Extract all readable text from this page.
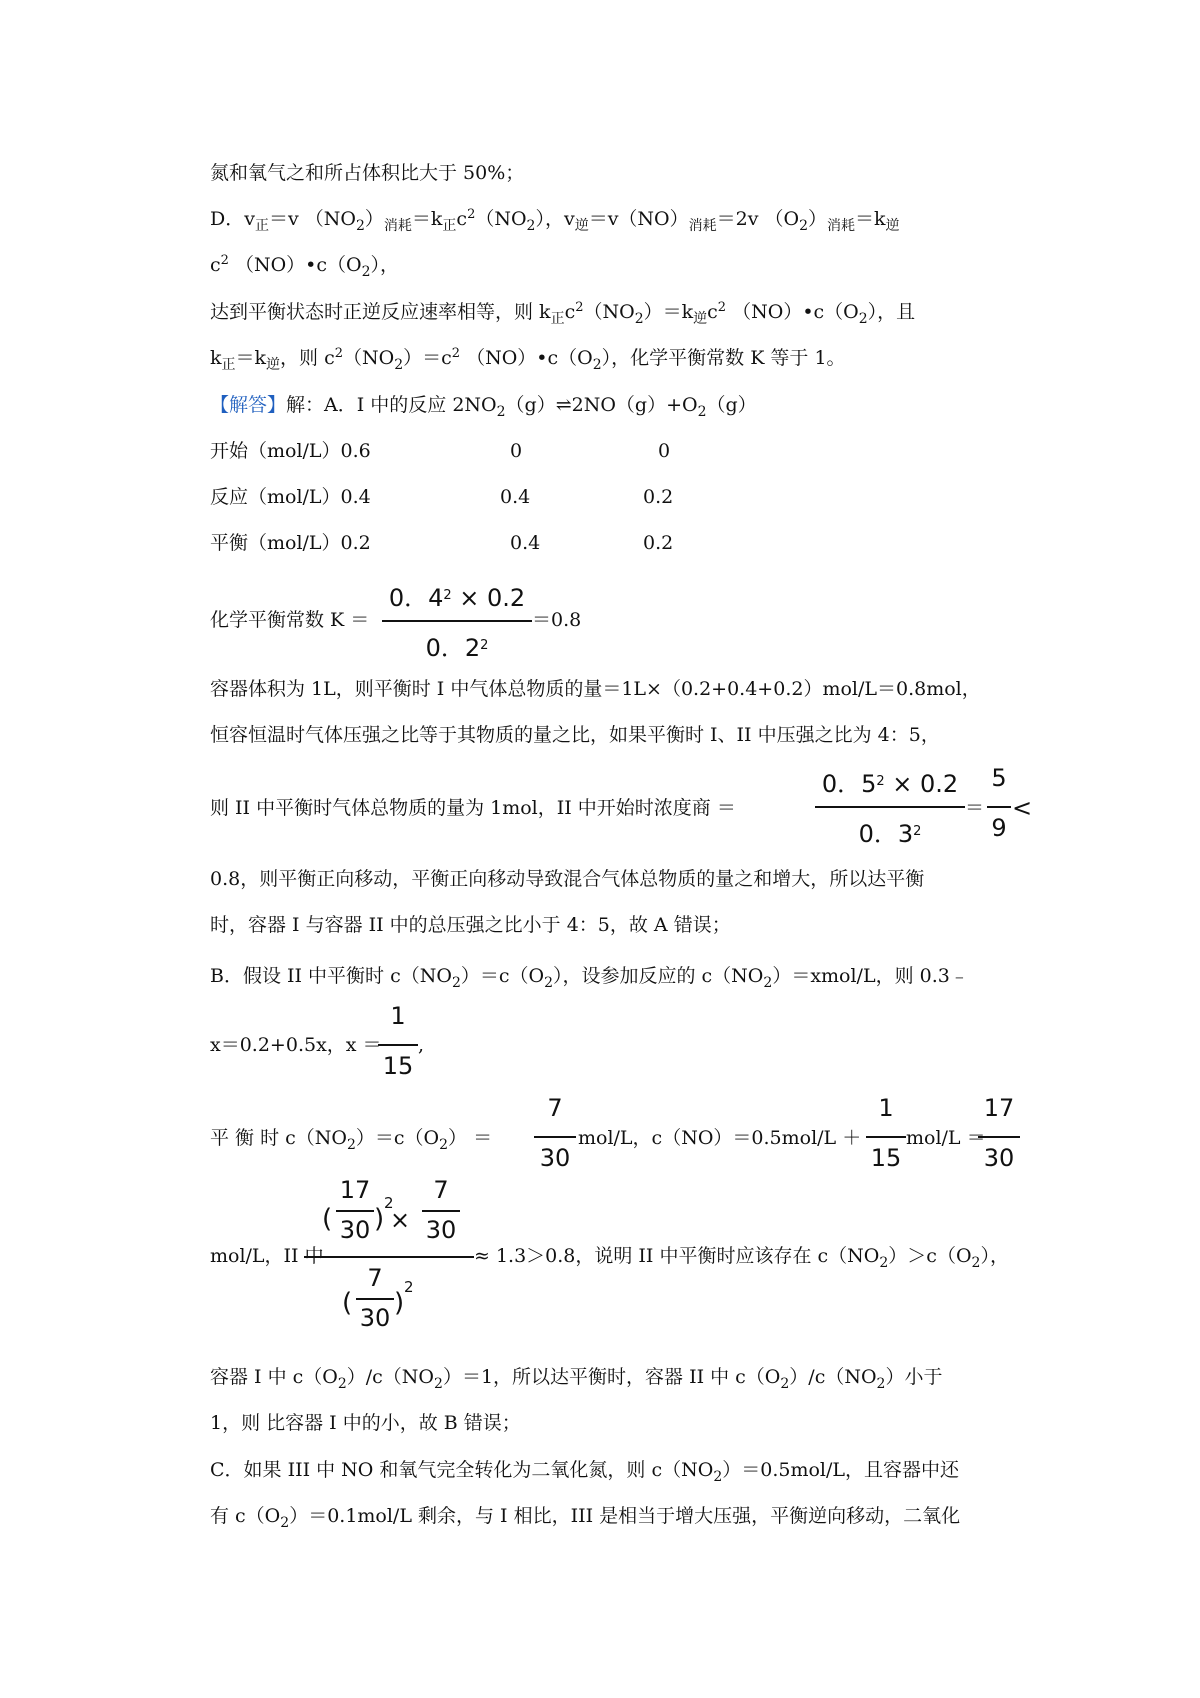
氮和氧气之和所占体积比大于 50%；
D．$v_正=v$ $(NO_2)_{消耗}=k_正c^2(NO_2)$，$v_逆=v(NO)_{消耗}=2v$ $(O_2)_{消耗}=k_逆$
$c^2$ $(NO)•c(O_2)$，
达到平衡状态时正逆反应速率相等，则 $k_正c^2(NO_2)=k_逆c^2$ $(NO)•c(O_2)$，且
$k_正=k_逆$，则 $c^2(NO_2)=c^2$ $(NO)•c(O_2)$，化学平衡常数 K 等于 1。
【解答】解：A．I 中的反应 $2NO_2(g)\rightleftharpoons 2NO(g)+O_2(g)$
开始（mol/L）0.6	0	0
反应（mol/L）0.4	0.4	0.2
平衡（mol/L）0.2	0.4	0.2
化学平衡常数 K ＝
0．$4^2 \times 0.2$
0．$2^2$
＝0.8
容器体积为 1L，则平衡时 I 中气体总物质的量＝1L×（0.2+0.4+0.2）mol/L＝0.8mol，
恒容恒温时气体压强之比等于其物质的量之比，如果平衡时 I、II 中压强之比为 4：5，
则 II 中平衡时气体总物质的量为 1mol，II 中开始时浓度商 ＝
0．$5^2 \times 0.2$
0．$3^2$
＝
5
9
<
0.8，则平衡正向移动，平衡正向移动导致混合气体总物质的量之和增大，所以达平衡
时，容器 I 与容器 II 中的总压强之比小于 4：5，故 A 错误；
B．假设 II 中平衡时 $c(NO_2)=c(O_2)$，设参加反应的 $c(NO_2)=xmol/L$，则 0.3﹣
x＝0.2+0.5x，x ＝
1
15
,
平 衡 时 $c(NO_2)=c(O_2)$ ＝
7
30
mol/L，c（NO）＝0.5mol/L ＋
1
15
mol/L ＝
17
30
mol/L，II 中
(
17
30 )
2
×
7
30
(
7
30 )
2
≈ 1.3＞0.8，说明 II 中平衡时应该存在 $c(NO_2)>c(O_2)$，
容器 I 中 $c(O_2)/c(NO_2)=1$，所以达平衡时，容器 II 中 $c(O_2)/c(NO_2)$小于
1，则 比容器 I 中的小，故 B 错误；
C．如果 III 中 NO 和氧气完全转化为二氧化氮，则 $c(NO_2)=0.5mol/L$，且容器中还
有 $c(O_2)=0.1mol/L$ 剩余，与 I 相比，III 是相当于增大压强，平衡逆向移动，二氧化
